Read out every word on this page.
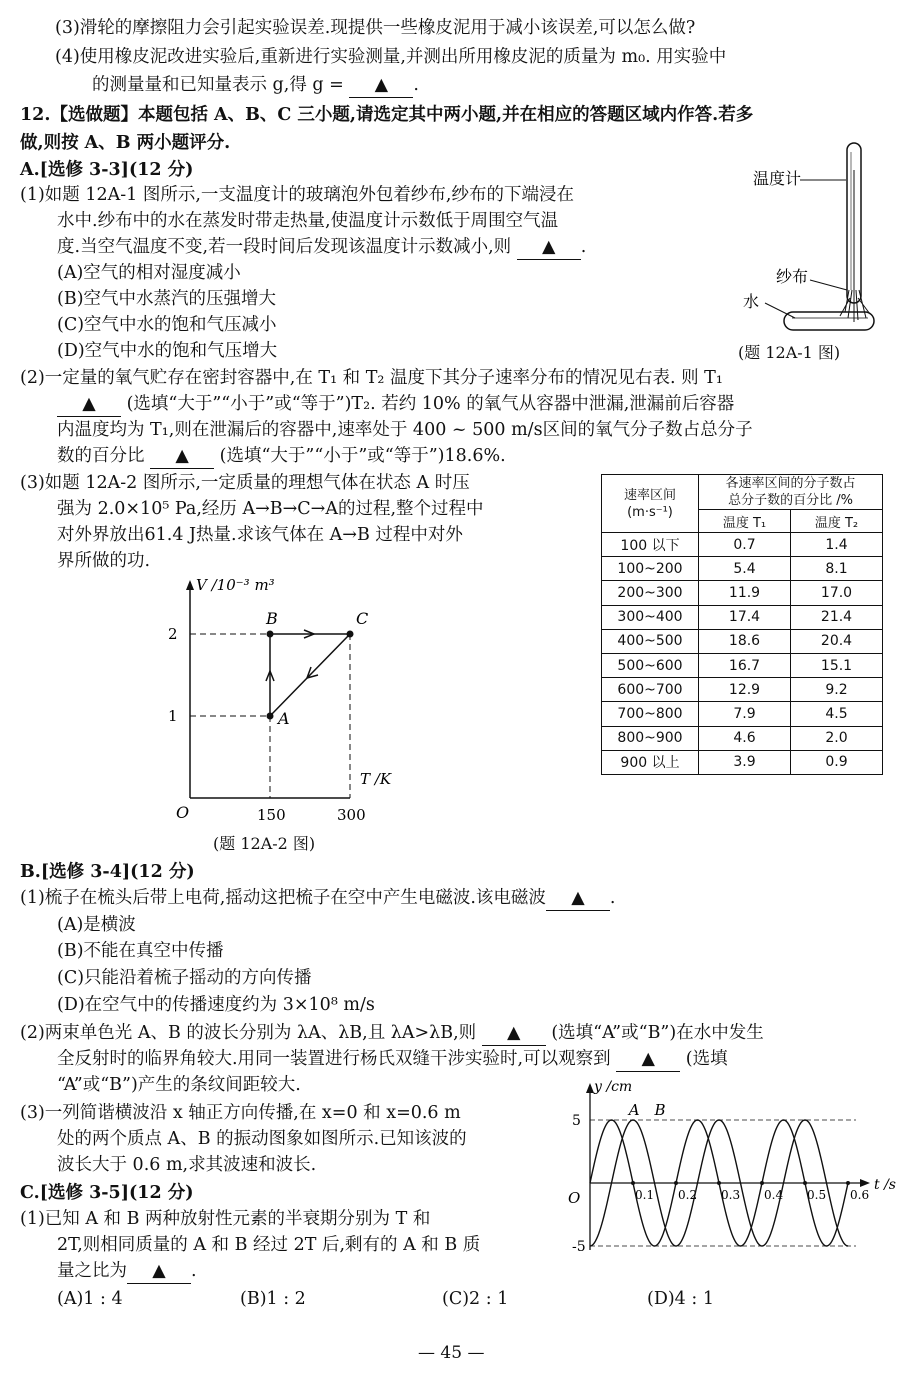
(3)滑轮的摩擦阻力会引起实验误差.现提供一些橡皮泥用于减小该误差,可以怎么做?
(4)使用橡皮泥改进实验后,重新进行实验测量,并测出所用橡皮泥的质量为 m₀. 用实验中
的测量量和已知量表示 g,得 g = ▲ .
12.【选做题】本题包括 A、B、C 三小题,请选定其中两小题,并在相应的答题区域内作答.若多
做,则按 A、B 两小题评分.
A.[选修 3-3](12 分)
(1)如题 12A-1 图所示,一支温度计的玻璃泡外包着纱布,纱布的下端浸在
水中.纱布中的水在蒸发时带走热量,使温度计示数低于周围空气温
度.当空气温度不变,若一段时间后发现该温度计示数减小,则 ▲ .
(A)空气的相对湿度减小
(B)空气中水蒸汽的压强增大
(C)空气中水的饱和气压减小
(D)空气中水的饱和气压增大
温度计
纱布
水
(题 12A-1 图)
(2)一定量的氧气贮存在密封容器中,在 T₁ 和 T₂ 温度下其分子速率分布的情况见右表. 则 T₁
▲ (选填“大于”“小于”或“等于”)T₂. 若约 10% 的氧气从容器中泄漏,泄漏前后容器
内温度均为 T₁,则在泄漏后的容器中,速率处于 400 ~ 500 m/s区间的氧气分子数占总分子
数的百分比 ▲ (选填“大于”“小于”或“等于”)18.6%.
(3)如题 12A-2 图所示,一定质量的理想气体在状态 A 时压
强为 2.0×10⁵ Pa,经历 A→B→C→A的过程,整个过程中
对外界放出61.4 J热量.求该气体在 A→B 过程中对外
界所做的功.
速率区间
(m·s⁻¹)	各速率区间的分子数占
总分子数的百分比 /%	
	温度 T₁	温度 T₂
100 以下	0.7	1.4
100~200	5.4	8.1
200~300	11.9	17.0
300~400	17.4	21.4
400~500	18.6	20.4
500~600	16.7	15.1
600~700	12.9	9.2
700~800	7.9	4.5
800~900	4.6	2.0
900 以上	3.9	0.9
V /10⁻³ m³
T /K
O
1
2
150	300
A
B	C
(题 12A-2 图)
B.[选修 3-4](12 分)
(1)梳子在梳头后带上电荷,摇动这把梳子在空中产生电磁波.该电磁波 ▲ .
(A)是横波
(B)不能在真空中传播
(C)只能沿着梳子摇动的方向传播
(D)在空气中的传播速度约为 3×10⁸ m/s
(2)两束单色光 A、B 的波长分别为 λA、λB,且 λA>λB,则 ▲ (选填“A”或“B”)在水中发生
全反射时的临界角较大.用同一装置进行杨氏双缝干涉实验时,可以观察到 ▲ (选填
“A”或“B”)产生的条纹间距较大.
(3)一列简谐横波沿 x 轴正方向传播,在 x=0 和 x=0.6 m
处的两个质点 A、B 的振动图象如图所示.已知该波的
波长大于 0.6 m,求其波速和波长.
y /cm
t /s
O
5
-5
0.1 0.2 0.3 0.4 0.5 0.6
A B
C.[选修 3-5](12 分)
(1)已知 A 和 B 两种放射性元素的半衰期分别为 T 和
2T,则相同质量的 A 和 B 经过 2T 后,剩有的 A 和 B 质
量之比为 ▲ .
(A)1 : 4	(B)1 : 2	(C)2 : 1	(D)4 : 1
— 45 —
